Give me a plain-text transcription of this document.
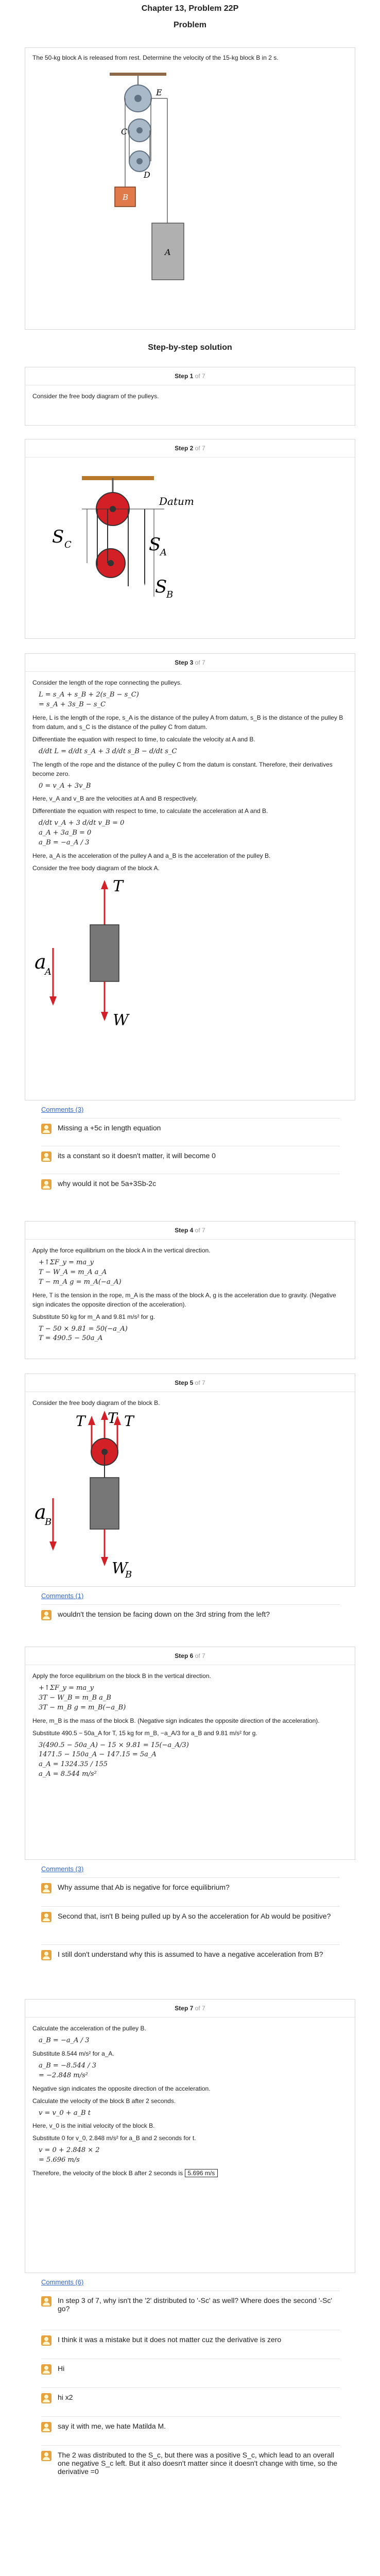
Chapter 13, Problem 22P
Problem
The 50-kg block A is released from rest. Determine the velocity of the 15-kg block B in 2 s.
E
C
D
B
A
Step-by-step solution
Step 1 of 7

Consider the free body diagram of the pulleys.

Step 2 of 7
Datum
S C	S
A
S
B
Step 3 of 7

Consider the length of the rope connecting the pulleys.

L = s_A + s_B + 2(s_B − s_C)
= s_A + 3s_B − s_C

Here, L is the length of the rope, s_A is the distance of the pulley A from datum, s_B is the distance of the pulley B from datum, and s_C is the distance of the pulley C from datum.

Differentiate the equation with respect to time, to calculate the velocity at A and B.

d/dt L = d/dt s_A + 3 d/dt s_B − d/dt s_C

The length of the rope and the distance of the pulley C from the datum is constant. Therefore, their derivatives become zero.

0 = v_A + 3v_B

Here, v_A and v_B are the velocities at A and B respectively.

Differentiate the equation with respect to time, to calculate the acceleration at A and B.

d/dt v_A + 3 d/dt v_B = 0
a_A + 3a_B = 0
a_B = −a_A / 3

Here, a_A is the acceleration of the pulley A and a_B is the acceleration of the pulley B.

Consider the free body diagram of the block A.

T
W
a
A
Comments (3)
Missing a +5c in length equation
its a constant so it doesn't matter, it will become 0
why would it not be 5a+3Sb-2c
Step 4 of 7

Apply the force equilibrium on the block A in the vertical direction.

+↑ΣF_y = ma_y
T − W_A = m_A a_A
T − m_A g = m_A(−a_A)

Here, T is the tension in the rope, m_A is the mass of the block A, g is the acceleration due to gravity. (Negative sign indicates the opposite direction of the acceleration).

Substitute 50 kg for m_A and 9.81 m/s² for g.

T − 50 × 9.81 = 50(−a_A)
T = 490.5 − 50a_A
Step 5 of 7

Consider the free body diagram of the block B.

T T T
W
B
a
B
Comments (1)
wouldn't the tension be facing down on the 3rd string from the left?
Step 6 of 7

Apply the force equilibrium on the block B in the vertical direction.

+↑ΣF_y = ma_y
3T − W_B = m_B a_B
3T − m_B g = m_B(−a_B)

Here, m_B is the mass of the block B. (Negative sign indicates the opposite direction of the acceleration).

Substitute 490.5 − 50a_A for T, 15 kg for m_B, −a_A/3 for a_B and 9.81 m/s² for g.

3(490.5 − 50a_A) − 15 × 9.81 = 15(−a_A/3)
1471.5 − 150a_A − 147.15 = 5a_A
a_A = 1324.35 / 155
a_A = 8.544 m/s²
Comments (3)
Why assume that Ab is negative for force equilibrium?
Second that, isn't B being pulled up by A so the acceleration for Ab would be positive?
I still don't understand why this is assumed to have a negative acceleration from B?
Step 7 of 7

Calculate the acceleration of the pulley B.

a_B = −a_A / 3

Substitute 8.544 m/s² for a_A.

a_B = −8.544 / 3
= −2.848 m/s²

Negative sign indicates the opposite direction of the acceleration.

Calculate the velocity of the block B after 2 seconds.

v = v_0 + a_B t

Here, v_0 is the initial velocity of the block B.

Substitute 0 for v_0, 2.848 m/s² for a_B and 2 seconds for t.

v = 0 + 2.848 × 2
= 5.696 m/s

Therefore, the velocity of the block B after 2 seconds is 5.696 m/s

Comments (6)
In step 3 of 7, why isn't the '2' distributed to '-Sc' as well? Where does the second '-Sc' go?
I think it was a mistake but it does not matter cuz the derivative is zero
Hi
hi x2
say it with me, we hate Matilda M.
The 2 was distributed to the S_c, but there was a positive S_c, which lead to an overall one negative S_c left. But it also doesn't matter since it doesn't change with time, so the derivative =0
